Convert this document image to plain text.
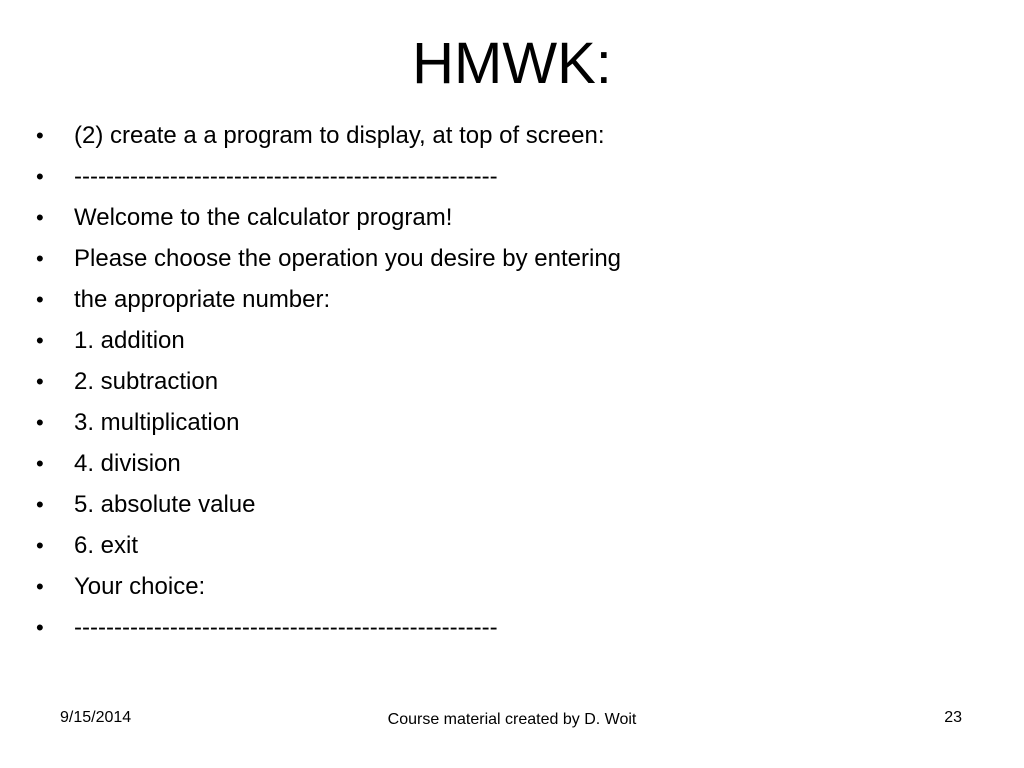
HMWK:
•	(2) create a a program to display, at top of screen:
•	-----------------------------------------------------
•	Welcome to the calculator program!
•	Please choose the operation you desire by entering
•	the appropriate number:
•	1. addition
•	2. subtraction
•	3. multiplication
•	4. division
•	5. absolute value
•	6. exit
•	Your choice:
•	-----------------------------------------------------
9/15/2014	Course material created by D. Woit	23
